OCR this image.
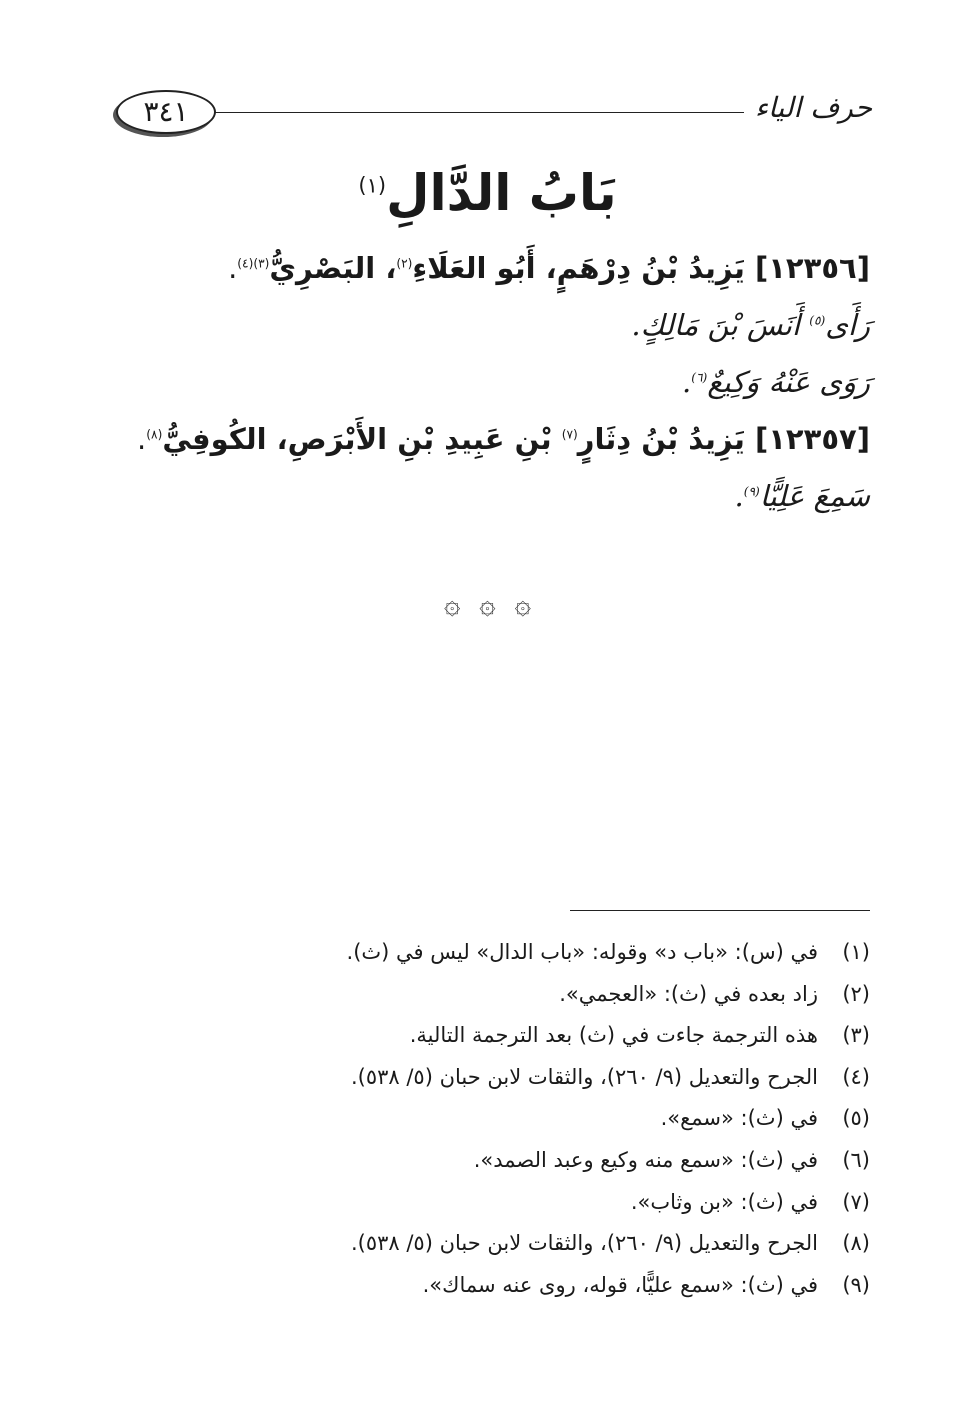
٣٤١	حرف الياء
بَابُ الدَّالِ$^{(١)}$
[١٢٣٥٦] يَزِيدُ بْنُ دِرْهَمٍ، أَبُو العَلَاءِ$^{(٢)}$، البَصْرِيُّ$^{(٣)(٤)}$.
رَأَى$^{(٥)}$ أَنَسَ بْنَ مَالِكٍ.
رَوَى عَنْهُ وَكِيعٌ$^{(٦)}$.
[١٢٣٥٧] يَزِيدُ بْنُ دِثَارٍ$^{(٧)}$ بْنِ عَبِيدِ بْنِ الأَبْرَصِ، الكُوفِيُّ$^{(٨)}$.
سَمِعَ عَلِيًّا$^{(٩)}$.
۞ ۞ ۞
(١)في (س): «باب د» وقوله: «باب الدال» ليس في (ث).
(٢)زاد بعده في (ث): «العجمي».
(٣)هذه الترجمة جاءت في (ث) بعد الترجمة التالية.
(٤)الجرح والتعديل (٩/ ٢٦٠)، والثقات لابن حبان (٥/ ٥٣٨).
(٥)في (ث): «سمع».
(٦)في (ث): «سمع منه وكيع وعبد الصمد».
(٧)في (ث): «بن وثاب».
(٨)الجرح والتعديل (٩/ ٢٦٠)، والثقات لابن حبان (٥/ ٥٣٨).
(٩)في (ث): «سمع عليًّا، قوله، روى عنه سماك».
